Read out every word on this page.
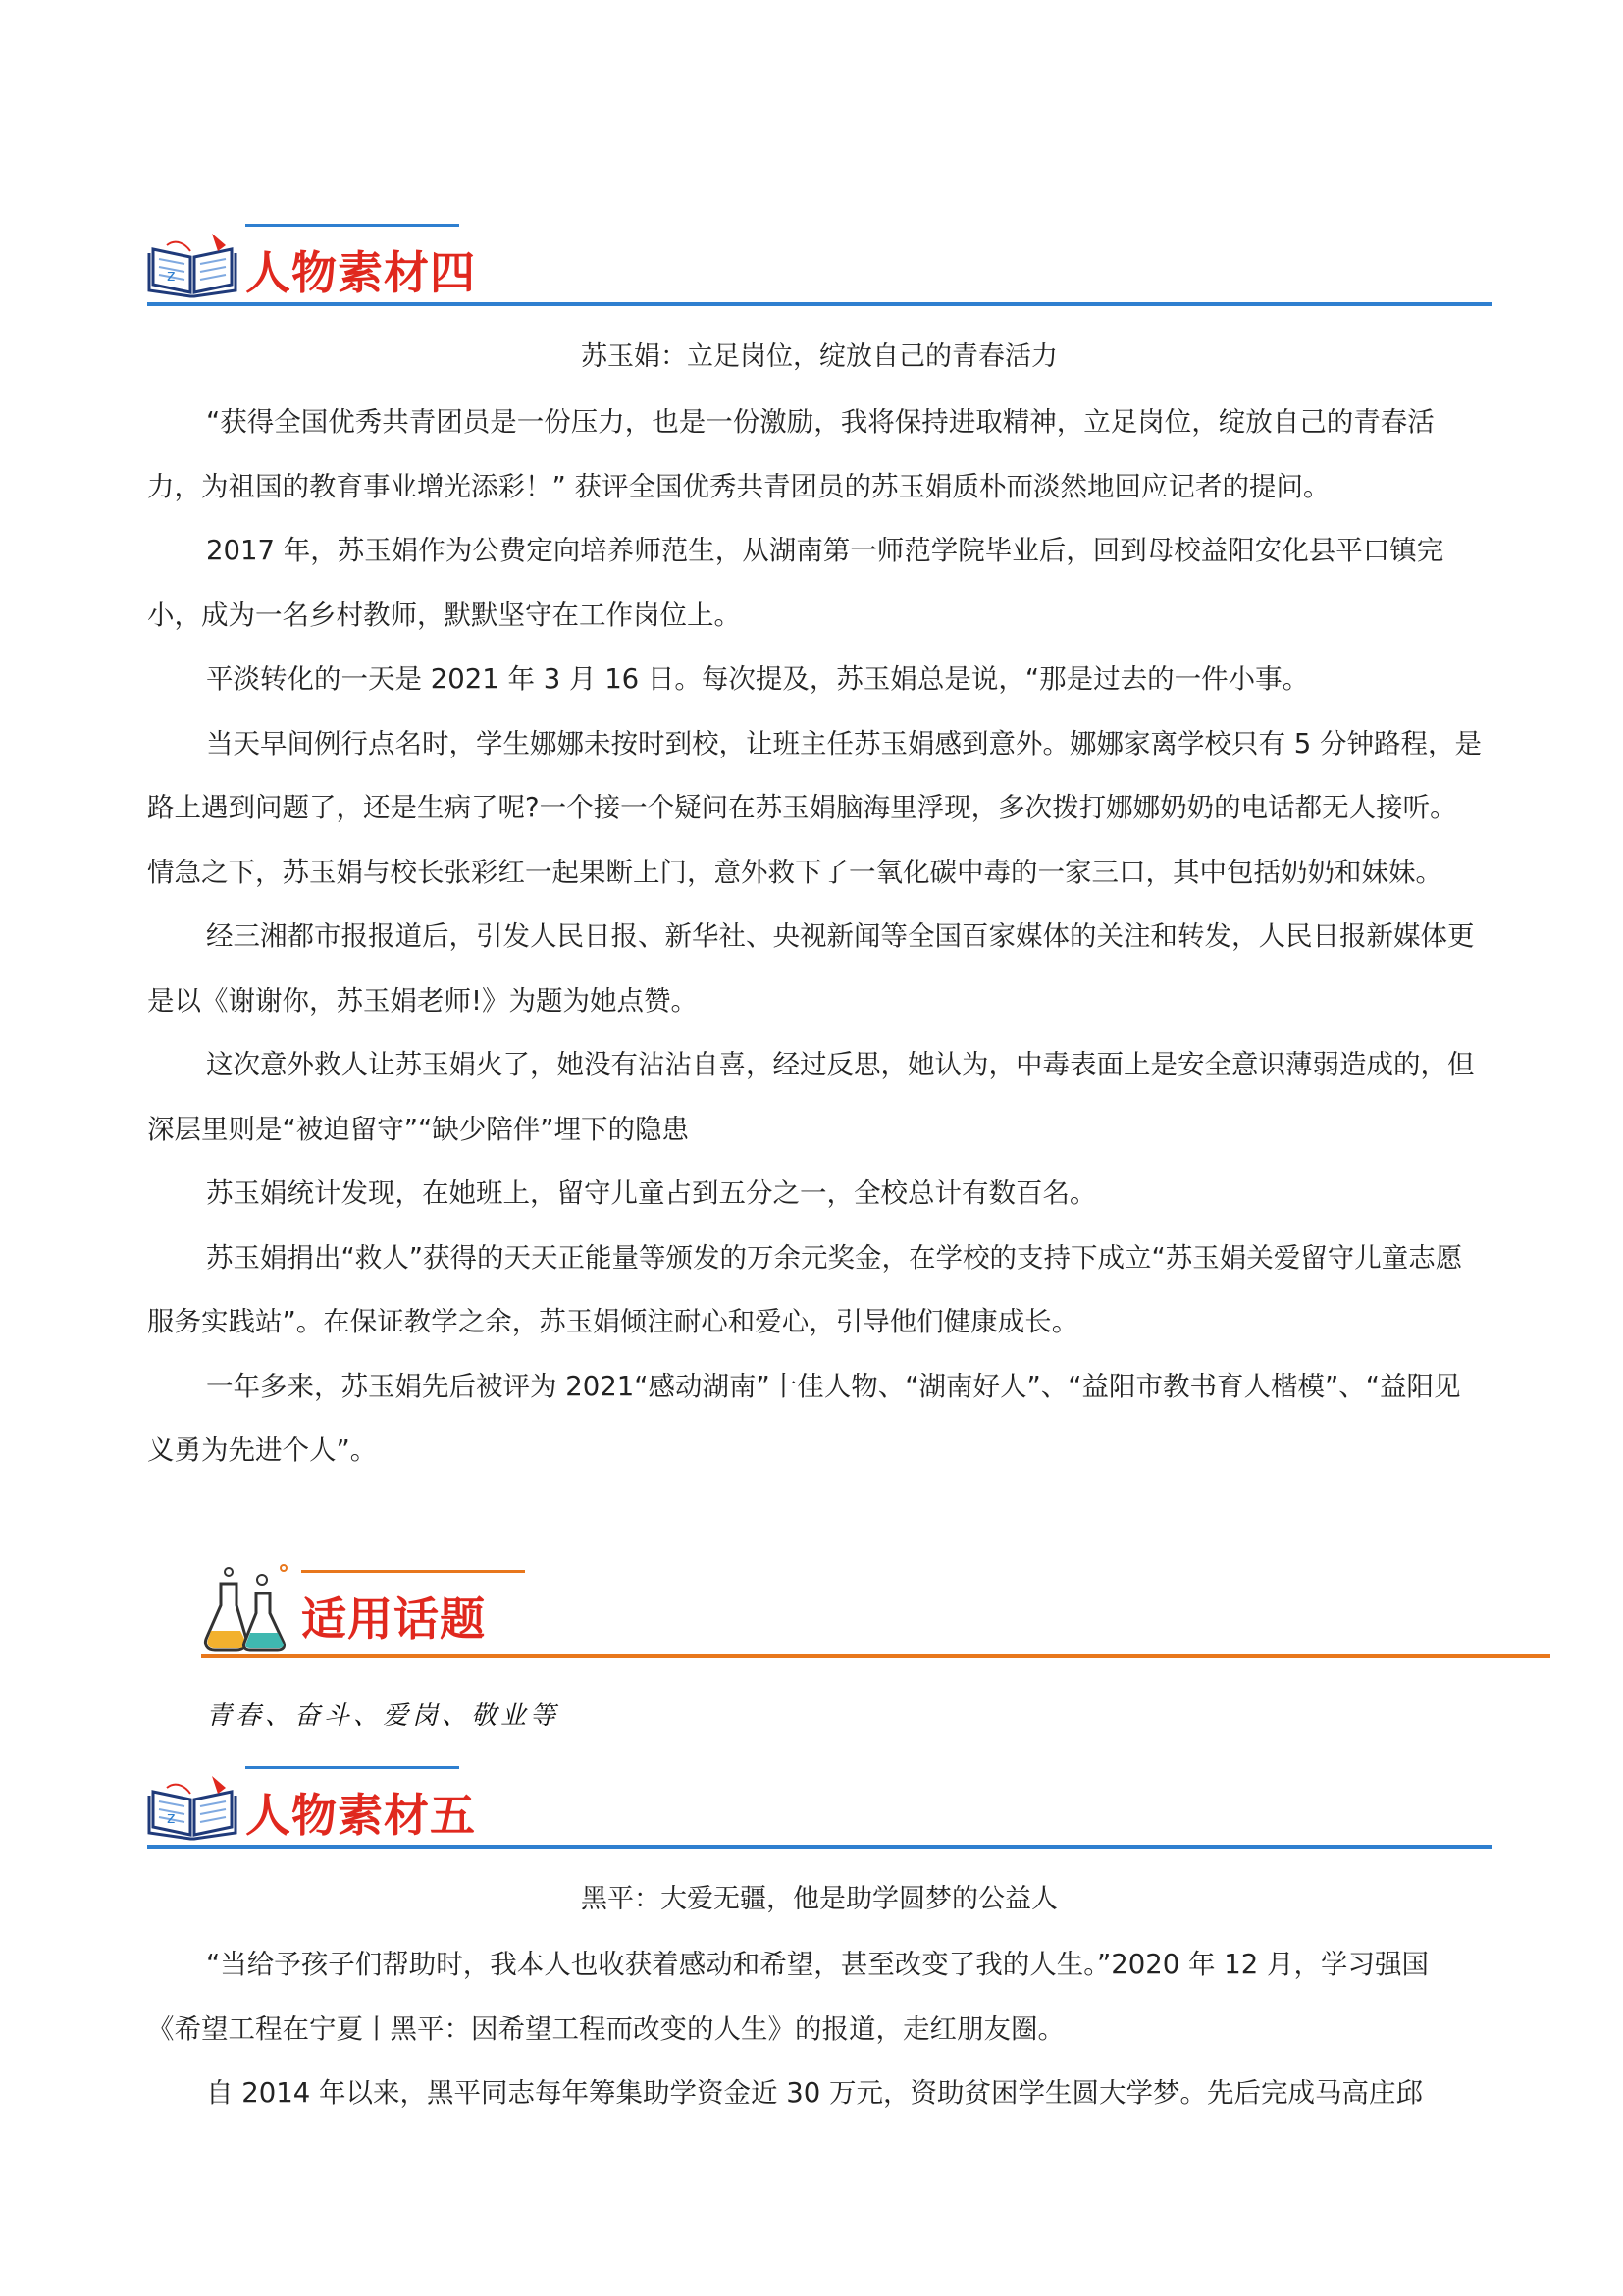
z 人物素材四
苏玉娟：立足岗位，绽放自己的青春活力

“获得全国优秀共青团员是一份压力，也是一份激励，我将保持进取精神，立足岗位，绽放自己的青春活力，为祖国的教育事业增光添彩！” 获评全国优秀共青团员的苏玉娟质朴而淡然地回应记者的提问。

2017 年，苏玉娟作为公费定向培养师范生，从湖南第一师范学院毕业后，回到母校益阳安化县平口镇完小，成为一名乡村教师，默默坚守在工作岗位上。

平淡转化的一天是 2021 年 3 月 16 日。每次提及，苏玉娟总是说，“那是过去的一件小事。

当天早间例行点名时，学生娜娜未按时到校，让班主任苏玉娟感到意外。娜娜家离学校只有 5 分钟路程，是路上遇到问题了，还是生病了呢?一个接一个疑问在苏玉娟脑海里浮现，多次拨打娜娜奶奶的电话都无人接听。情急之下，苏玉娟与校长张彩红一起果断上门，意外救下了一氧化碳中毒的一家三口，其中包括奶奶和妹妹。

经三湘都市报报道后，引发人民日报、新华社、央视新闻等全国百家媒体的关注和转发，人民日报新媒体更是以《谢谢你，苏玉娟老师!》为题为她点赞。

这次意外救人让苏玉娟火了，她没有沾沾自喜，经过反思，她认为，中毒表面上是安全意识薄弱造成的，但深层里则是“被迫留守”“缺少陪伴”埋下的隐患

苏玉娟统计发现，在她班上，留守儿童占到五分之一，全校总计有数百名。

苏玉娟捐出“救人”获得的天天正能量等颁发的万余元奖金，在学校的支持下成立“苏玉娟关爱留守儿童志愿服务实践站”。在保证教学之余，苏玉娟倾注耐心和爱心，引导他们健康成长。

一年多来，苏玉娟先后被评为 2021“感动湖南”十佳人物、“湖南好人”、“益阳市教书育人楷模”、“益阳见义勇为先进个人”。

适用话题
青春、奋斗、爱岗、敬业等
z 人物素材五
黑平：大爱无疆，他是助学圆梦的公益人

“当给予孩子们帮助时，我本人也收获着感动和希望，甚至改变了我的人生。”2020 年 12 月，学习强国《希望工程在宁夏丨黑平：因希望工程而改变的人生》的报道，走红朋友圈。

自 2014 年以来，黑平同志每年筹集助学资金近 30 万元，资助贫困学生圆大学梦。先后完成马高庄邱
